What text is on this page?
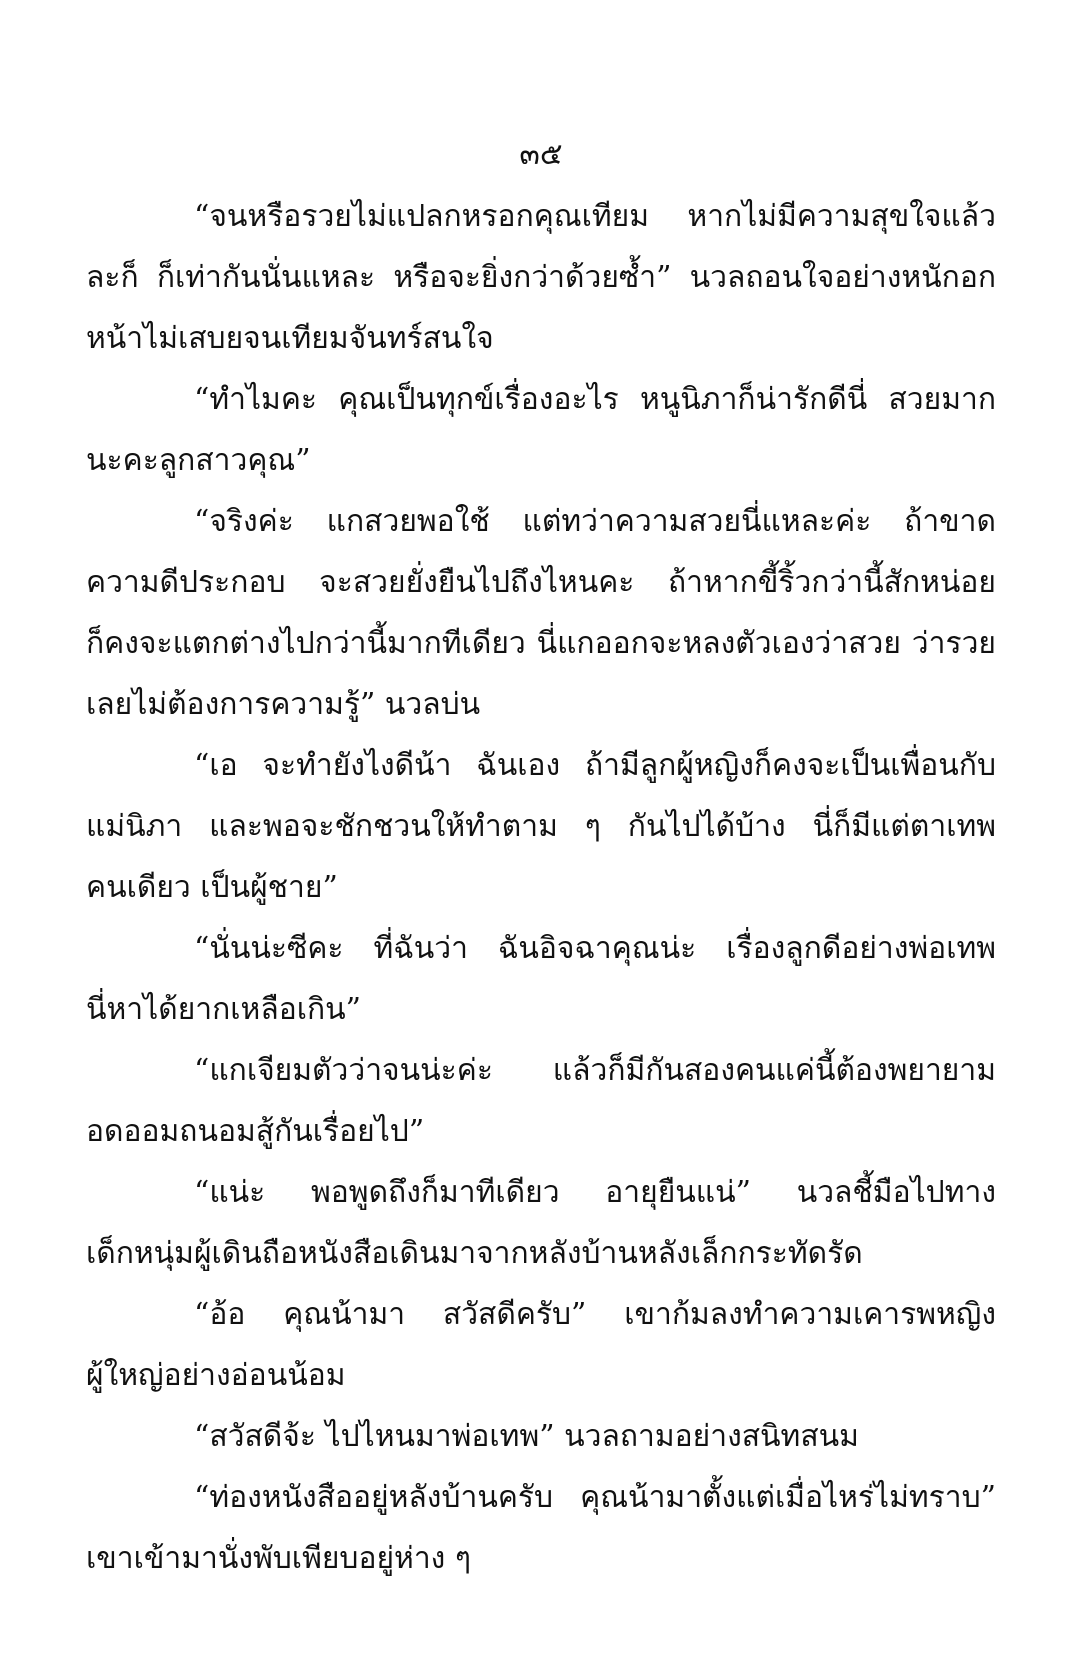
๓๕
“จนหรือรวยไม่แปลกหรอกคุณเทียม หากไม่มีความสุขใจแล้ว
ละก็ ก็เท่ากันนั่นแหละ หรือจะยิ่งกว่าด้วยซ้ำ” นวลถอนใจอย่างหนักอก
หน้าไม่เสบยจนเทียมจันทร์สนใจ
“ทำไมคะ คุณเป็นทุกข์เรื่องอะไร หนูนิภาก็น่ารักดีนี่ สวยมาก
นะคะลูกสาวคุณ”
“จริงค่ะ แกสวยพอใช้ แต่ทว่าความสวยนี่แหละค่ะ ถ้าขาด
ความดีประกอบ จะสวยยั่งยืนไปถึงไหนคะ ถ้าหากขี้ริ้วกว่านี้สักหน่อย
ก็คงจะแตกต่างไปกว่านี้มากทีเดียว นี่แกออกจะหลงตัวเองว่าสวย ว่ารวย
เลยไม่ต้องการความรู้” นวลบ่น
“เอ จะทำยังไงดีน้า ฉันเอง ถ้ามีลูกผู้หญิงก็คงจะเป็นเพื่อนกับ
แม่นิภา และพอจะชักชวนให้ทำตาม ๆ กันไปได้บ้าง นี่ก็มีแต่ตาเทพ
คนเดียว เป็นผู้ชาย”
“นั่นน่ะซีคะ ที่ฉันว่า ฉันอิจฉาคุณน่ะ เรื่องลูกดีอย่างพ่อเทพ
นี่หาได้ยากเหลือเกิน”
“แกเจียมตัวว่าจนน่ะค่ะ แล้วก็มีกันสองคนแค่นี้ต้องพยายาม
อดออมถนอมสู้กันเรื่อยไป”
“แน่ะ พอพูดถึงก็มาทีเดียว อายุยืนแน่” นวลชี้มือไปทาง
เด็กหนุ่มผู้เดินถือหนังสือเดินมาจากหลังบ้านหลังเล็กกระทัดรัด
“อ้อ คุณน้ามา สวัสดีครับ” เขาก้มลงทำความเคารพหญิง
ผู้ใหญ่อย่างอ่อนน้อม
“สวัสดีจ้ะ ไปไหนมาพ่อเทพ” นวลถามอย่างสนิทสนม
“ท่องหนังสืออยู่หลังบ้านครับ คุณน้ามาตั้งแต่เมื่อไหร่ไม่ทราบ”
เขาเข้ามานั่งพับเพียบอยู่ห่าง ๆ
